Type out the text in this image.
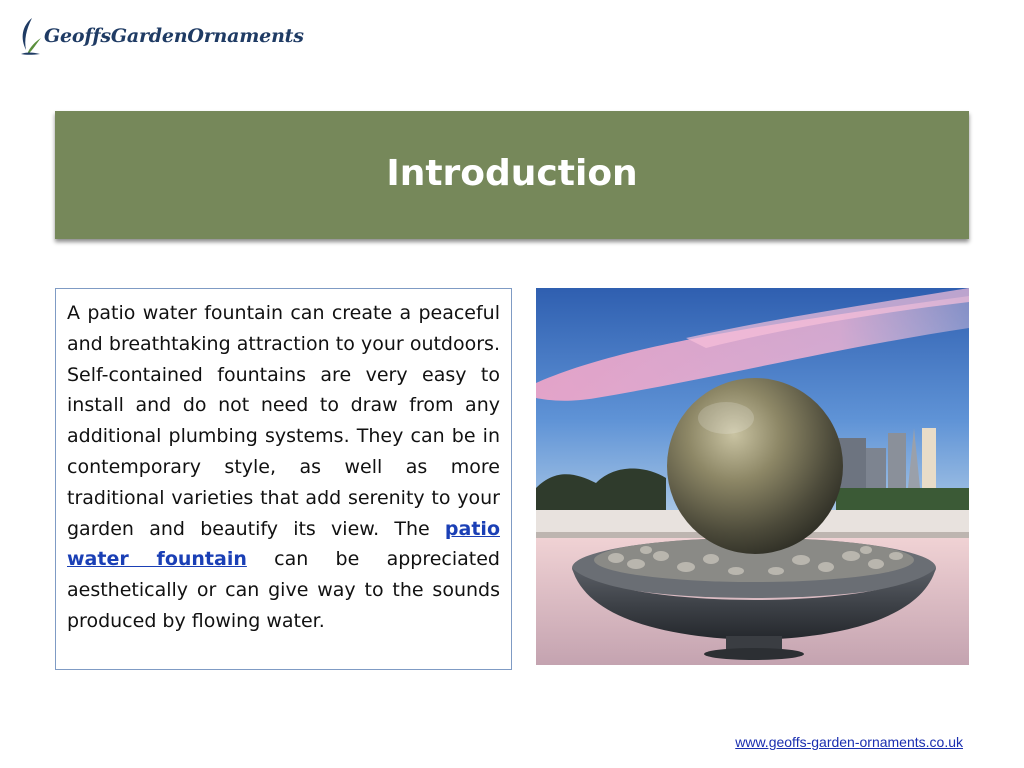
GeoffsGardenOrnaments
Introduction
A patio water fountain can create a peaceful and breathtaking attraction to your outdoors. Self-contained fountains are very easy to install and do not need to draw from any additional plumbing systems. They can be in contemporary style, as well as more traditional varieties that add serenity to your garden and beautify its view. The patio water fountain can be appreciated aesthetically or can give way to the sounds produced by flowing water.
www.geoffs-garden-ornaments.co.uk
